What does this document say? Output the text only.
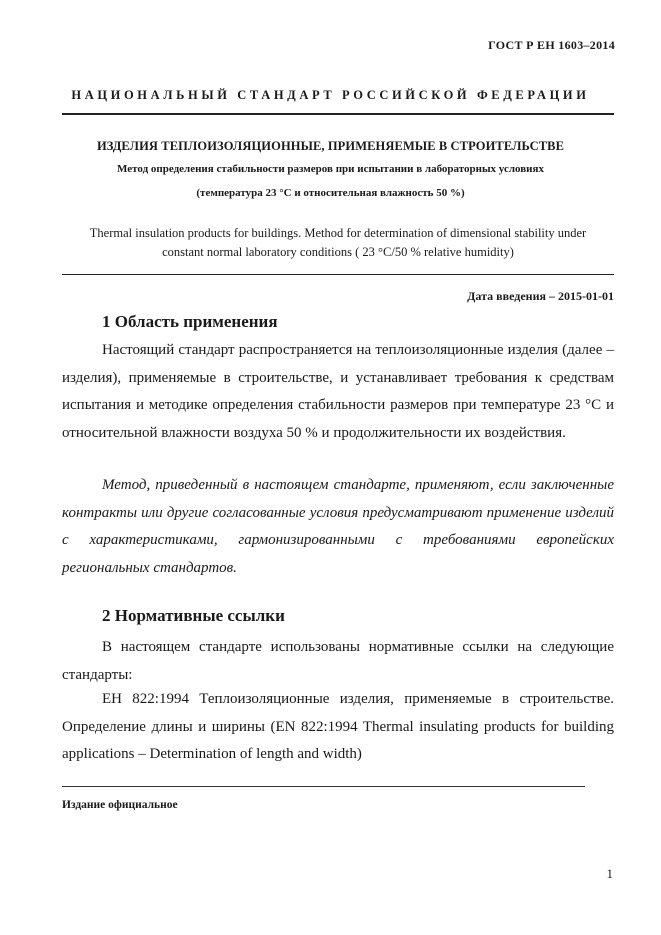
ГОСТ Р ЕН 1603–2014
НАЦИОНАЛЬНЫЙ СТАНДАРТ РОССИЙСКОЙ ФЕДЕРАЦИИ
ИЗДЕЛИЯ ТЕПЛОИЗОЛЯЦИОННЫЕ, ПРИМЕНЯЕМЫЕ В СТРОИТЕЛЬСТВЕ
Метод определения стабильности размеров при испытании в лабораторных условиях
(температура 23 °С и относительная влажность 50 %)
Thermal insulation products for buildings. Method for determination of dimensional stability under
constant normal laboratory conditions ( 23 °C/50 % relative humidity)
Дата введения – 2015-01-01
1 Область применения
Настоящий стандарт распространяется на теплоизоляционные изделия (далее – изделия), применяемые в строительстве, и устанавливает требования к средствам испытания и методике определения стабильности размеров при температуре 23 °С и относительной влажности воздуха 50 % и продолжительности их воздействия.
Метод, приведенный в настоящем стандарте, применяют, если заключенные контракты или другие согласованные условия предусматривают применение изделий с характеристиками, гармонизированными с требованиями европейских региональных стандартов.
2 Нормативные ссылки
В настоящем стандарте использованы нормативные ссылки на следующие стандарты:
ЕН 822:1994 Теплоизоляционные изделия, применяемые в строительстве. Определение длины и ширины (EN 822:1994 Thermal insulating products for building applications – Determination of length and width)
Издание официальное
1
